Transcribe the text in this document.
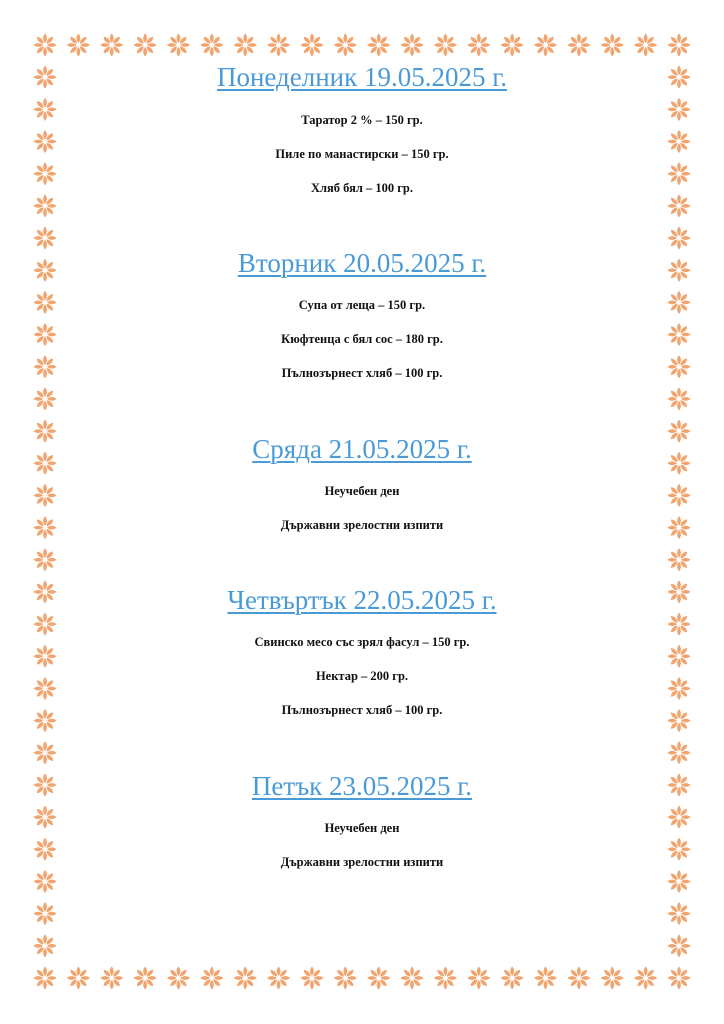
Понеделник 19.05.2025 г.

Таратор 2 % – 150 гр.

Пиле по манастирски – 150 гр.

Хляб бял – 100 гр.

Вторник 20.05.2025 г.

Супа от леща – 150 гр.

Кюфтенца с бял сос – 180 гр.

Пълнозърнест хляб – 100 гр.

Сряда 21.05.2025 г.

Неучебен ден

Държавни зрелостни изпити

Четвъртък 22.05.2025 г.

Свинско месо със зрял фасул – 150 гр.

Нектар – 200 гр.

Пълнозърнест хляб – 100 гр.

Петък 23.05.2025 г.

Неучебен ден

Държавни зрелостни изпити
